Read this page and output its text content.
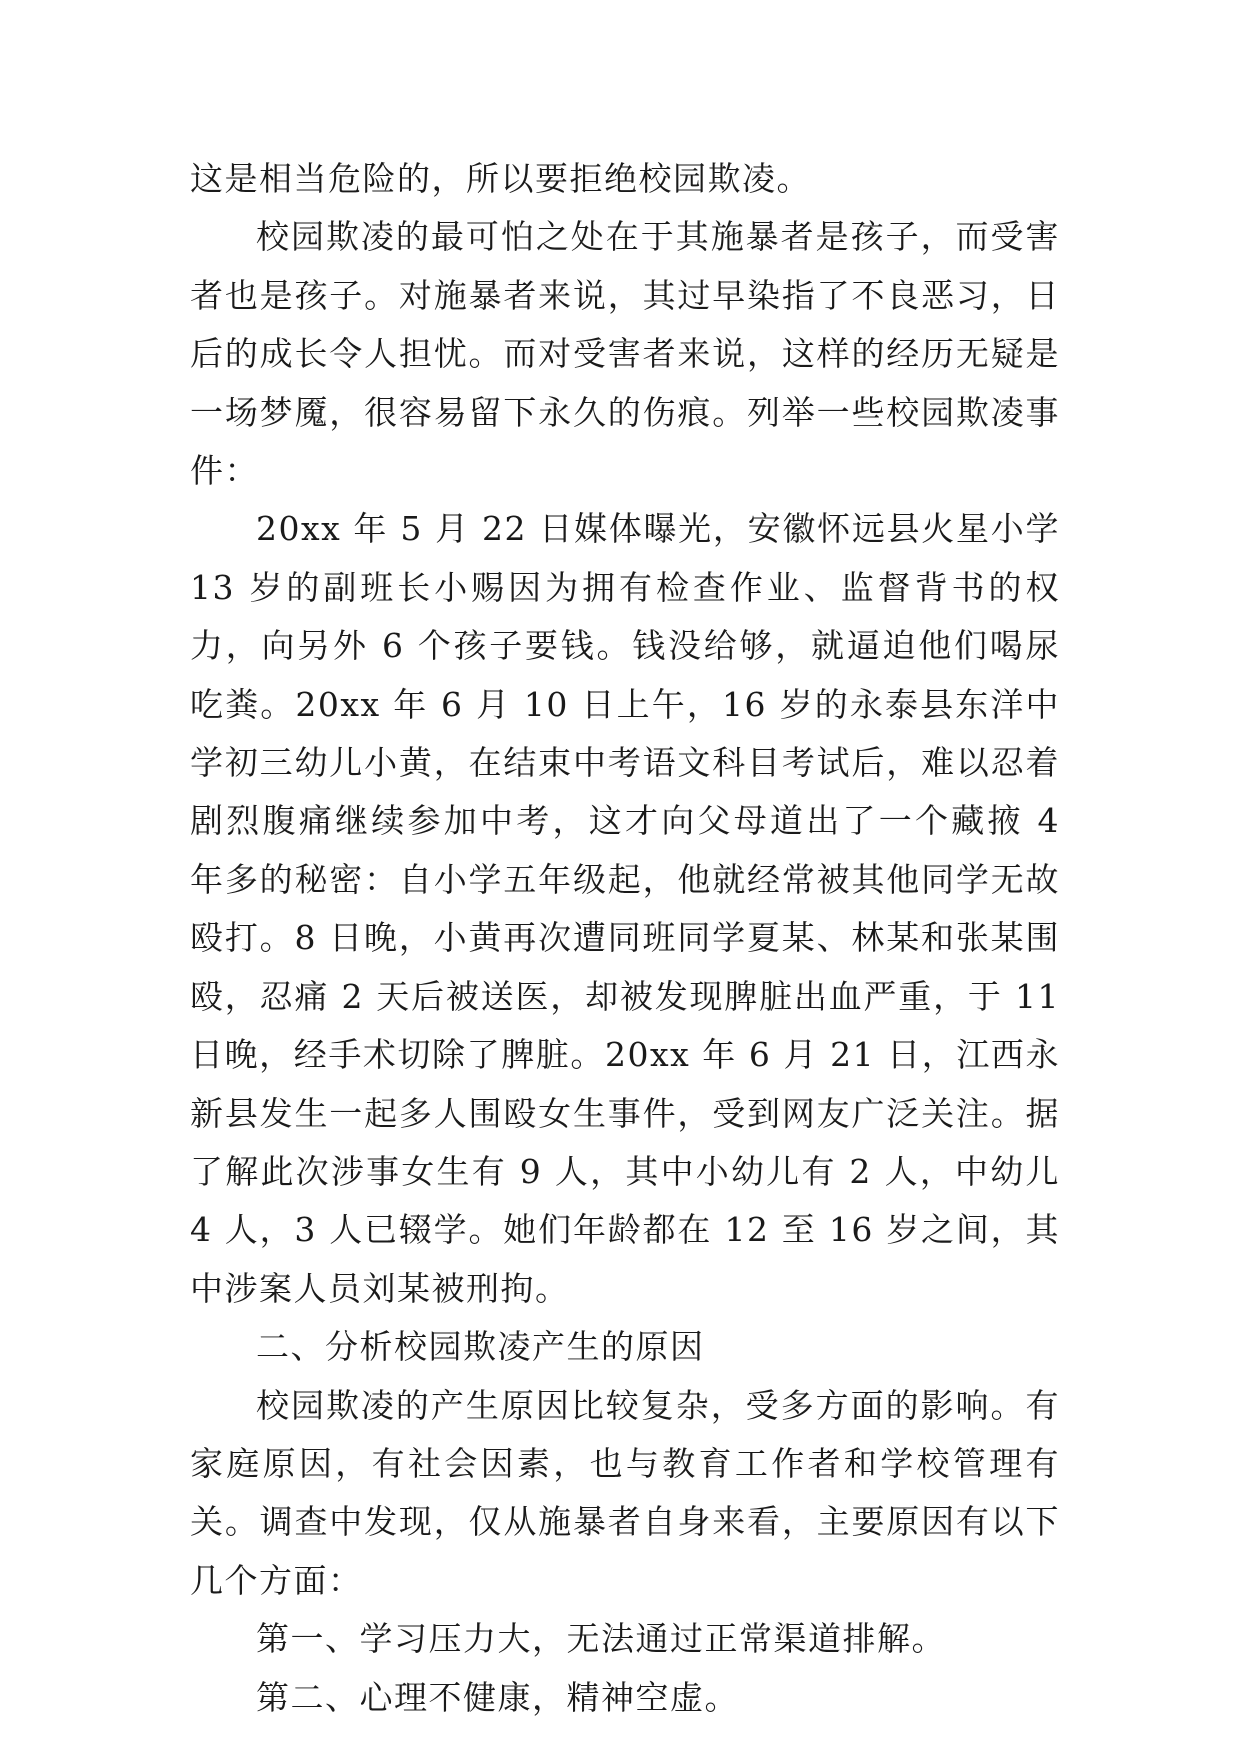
这是相当危险的，所以要拒绝校园欺凌。

校园欺凌的最可怕之处在于其施暴者是孩子，而受害者也是孩子。对施暴者来说，其过早染指了不良恶习，日后的成长令人担忧。而对受害者来说，这样的经历无疑是一场梦魇，很容易留下永久的伤痕。列举一些校园欺凌事件：

20xx 年 5 月 22 日媒体曝光，安徽怀远县火星小学 13 岁的副班长小赐因为拥有检查作业、监督背书的权力，向另外 6 个孩子要钱。钱没给够，就逼迫他们喝尿吃粪。20xx 年 6 月 10 日上午，16 岁的永泰县东洋中学初三幼儿小黄，在结束中考语文科目考试后，难以忍着剧烈腹痛继续参加中考，这才向父母道出了一个藏掖 4 年多的秘密：自小学五年级起，他就经常被其他同学无故殴打。8 日晚，小黄再次遭同班同学夏某、林某和张某围殴，忍痛 2 天后被送医，却被发现脾脏出血严重，于 11 日晚，经手术切除了脾脏。20xx 年 6 月 21 日，江西永新县发生一起多人围殴女生事件，受到网友广泛关注。据了解此次涉事女生有 9 人，其中小幼儿有 2 人，中幼儿 4 人，3 人已辍学。她们年龄都在 12 至 16 岁之间，其中涉案人员刘某被刑拘。

二、分析校园欺凌产生的原因

校园欺凌的产生原因比较复杂，受多方面的影响。有家庭原因，有社会因素，也与教育工作者和学校管理有关。调查中发现，仅从施暴者自身来看，主要原因有以下几个方面：

第一、学习压力大，无法通过正常渠道排解。

第二、心理不健康，精神空虚。
